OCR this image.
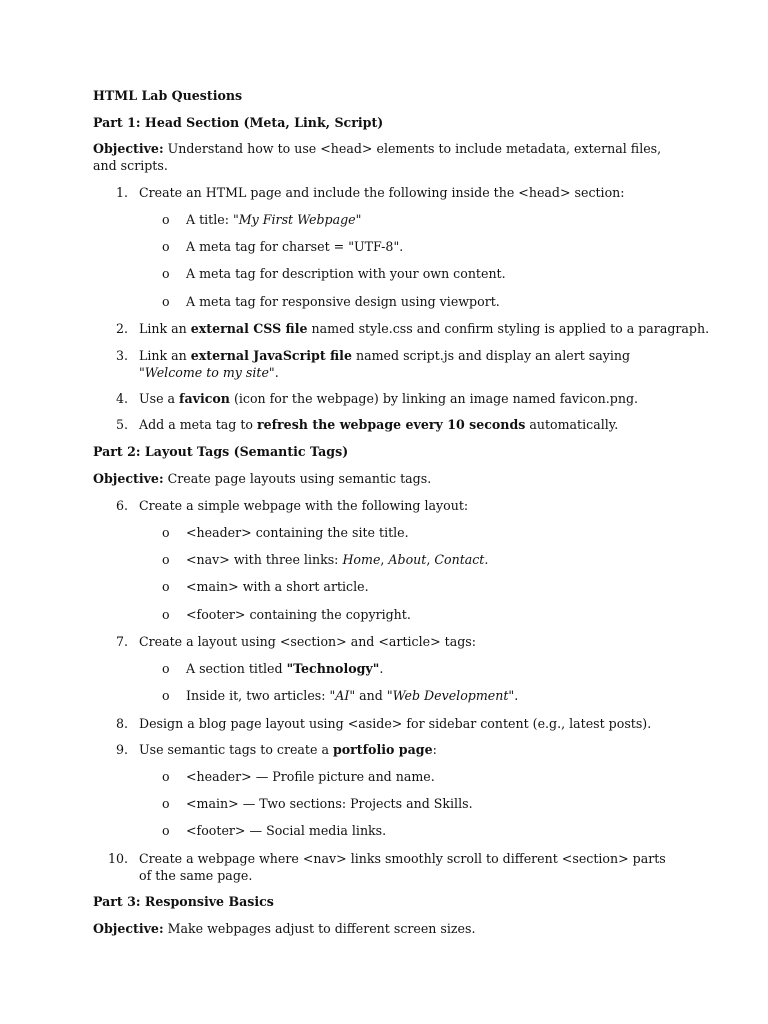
HTML Lab Questions
Part 1: Head Section (Meta, Link, Script)
Objective: Understand how to use <head> elements to include metadata, external files, and scripts.
1. Create an HTML page and include the following inside the <head> section:
o A title: "My First Webpage"
o A meta tag for charset = "UTF-8".
o A meta tag for description with your own content.
o A meta tag for responsive design using viewport.
2. Link an external CSS file named style.css and confirm styling is applied to a paragraph.
3. Link an external JavaScript file named script.js and display an alert saying "Welcome to my site".
4. Use a favicon (icon for the webpage) by linking an image named favicon.png.
5. Add a meta tag to refresh the webpage every 10 seconds automatically.
Part 2: Layout Tags (Semantic Tags)
Objective: Create page layouts using semantic tags.
6. Create a simple webpage with the following layout:
o <header> containing the site title.
o <nav> with three links: Home, About, Contact.
o <main> with a short article.
o <footer> containing the copyright.
7. Create a layout using <section> and <article> tags:
o A section titled "Technology".
o Inside it, two articles: "AI" and "Web Development".
8. Design a blog page layout using <aside> for sidebar content (e.g., latest posts).
9. Use semantic tags to create a portfolio page:
o <header> — Profile picture and name.
o <main> — Two sections: Projects and Skills.
o <footer> — Social media links.
10. Create a webpage where <nav> links smoothly scroll to different <section> parts of the same page.
Part 3: Responsive Basics
Objective: Make webpages adjust to different screen sizes.
